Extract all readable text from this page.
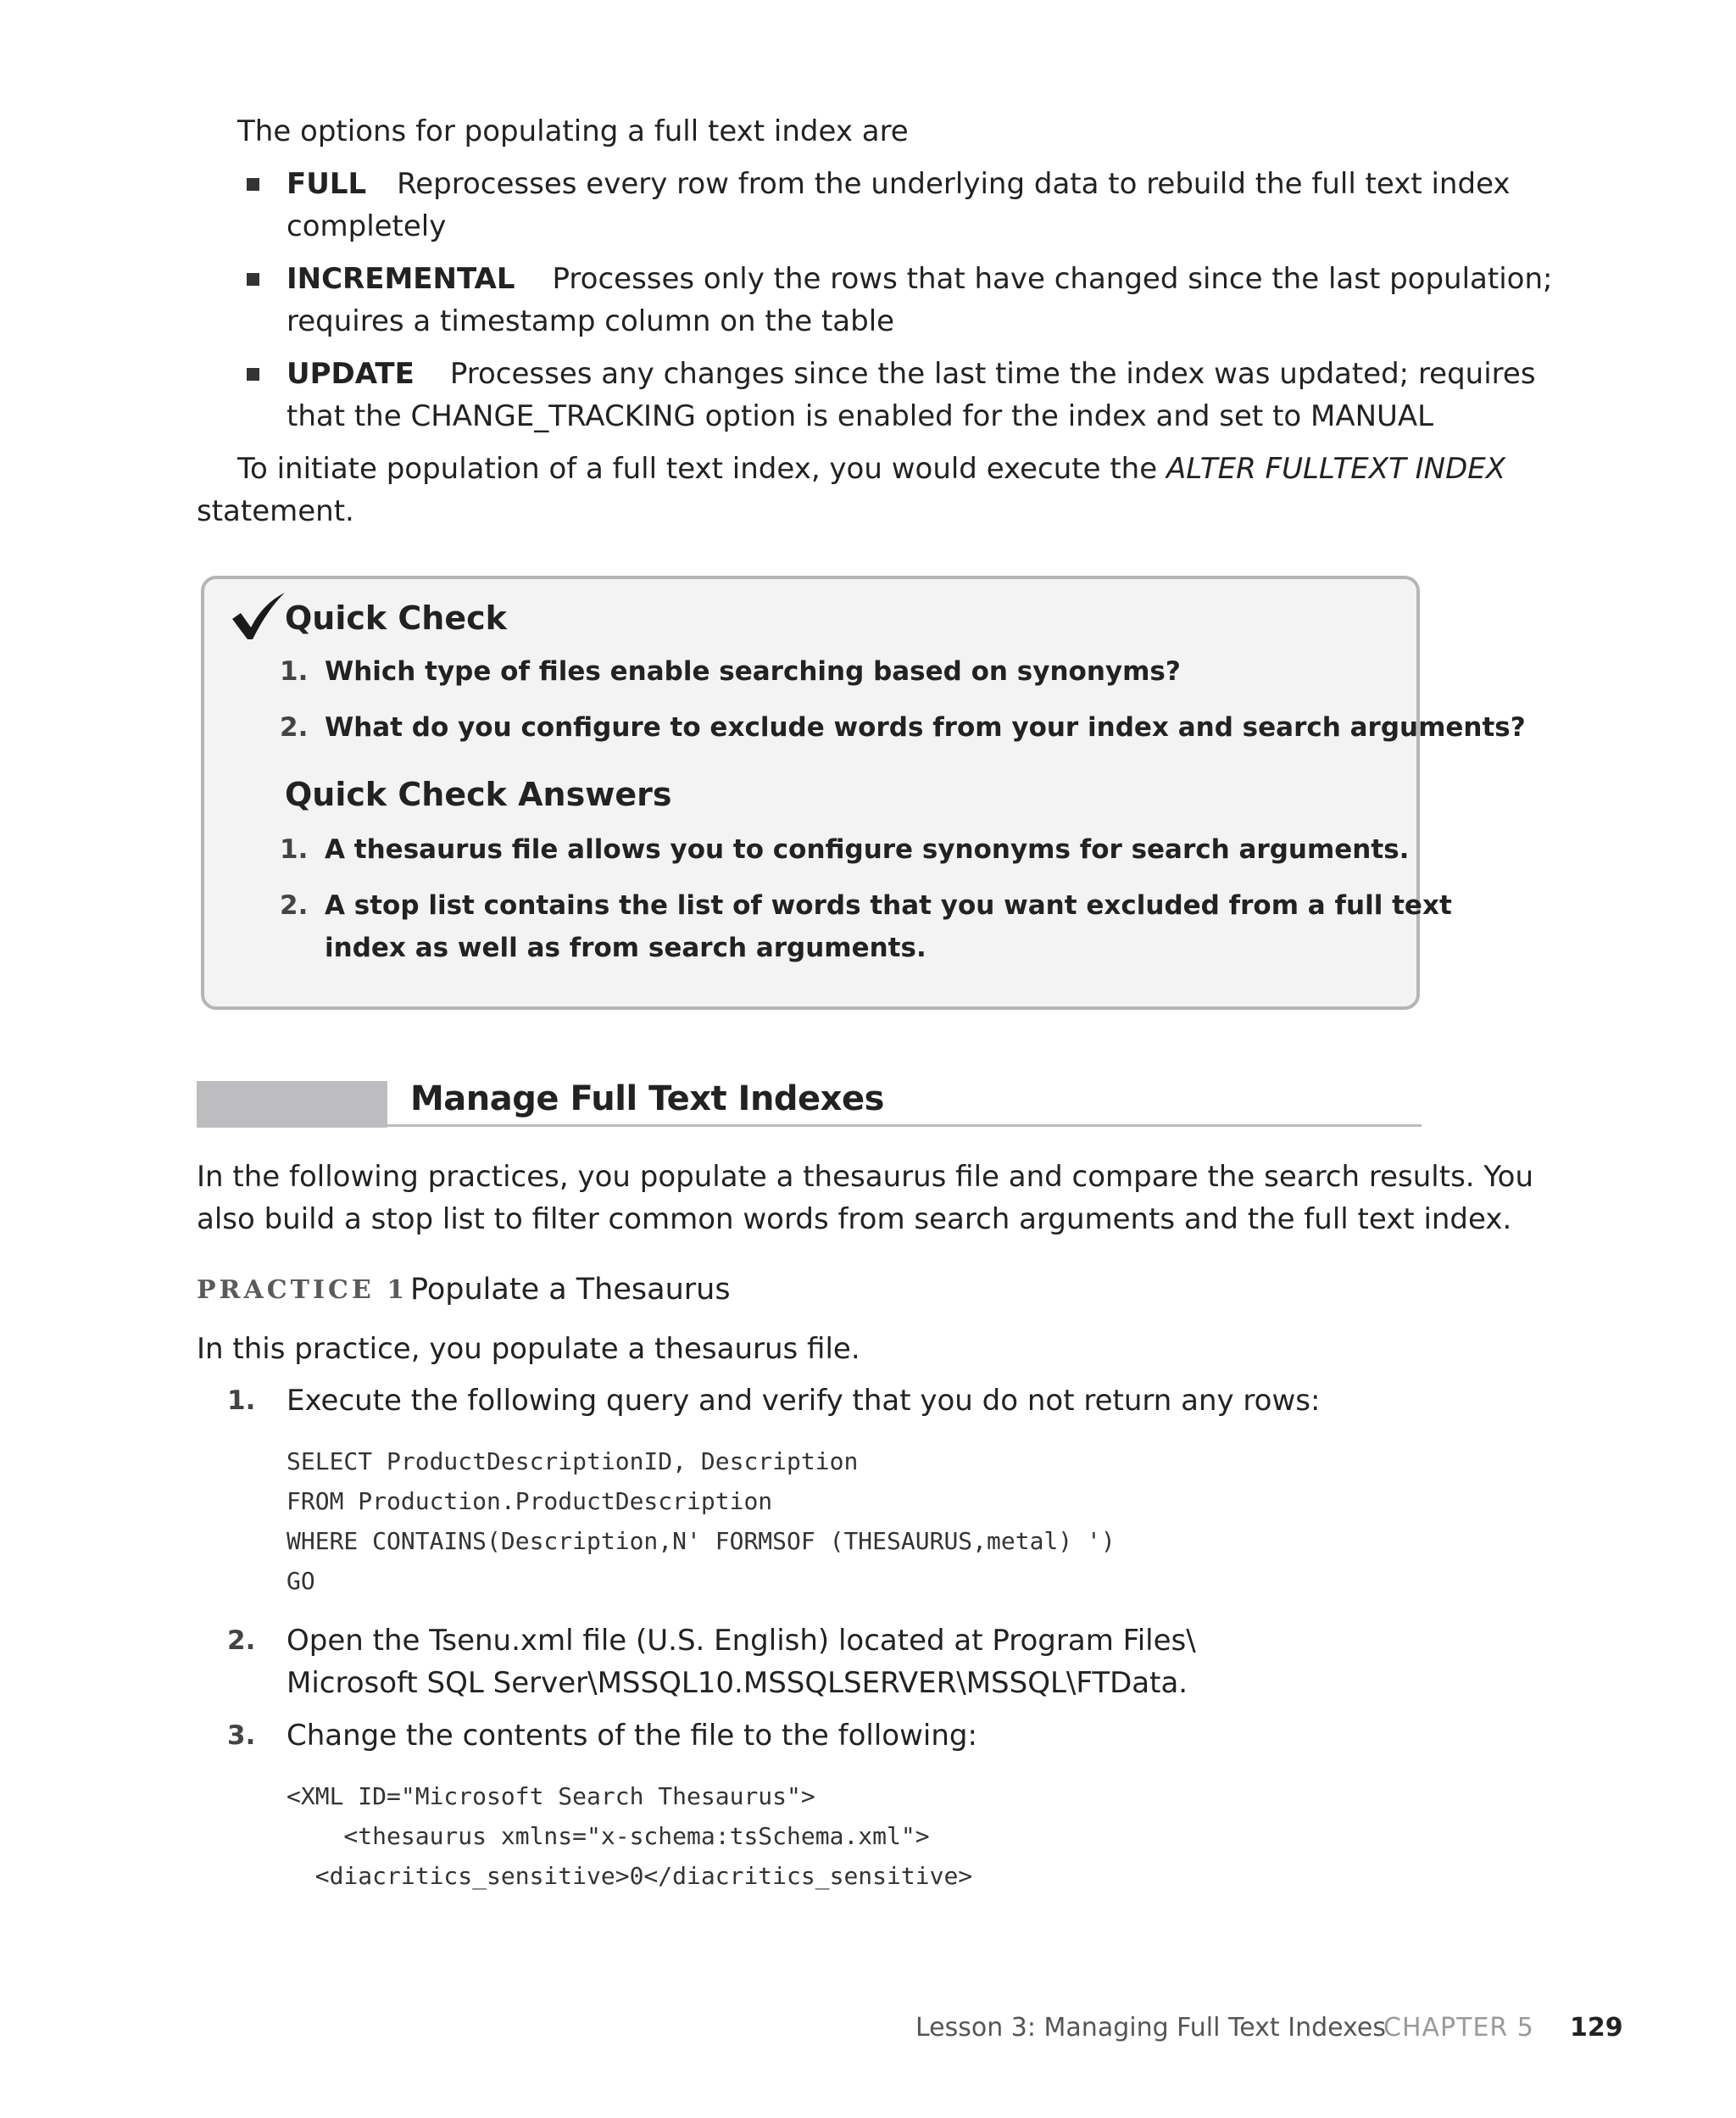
The options for populating a full text index are
FULL Reprocesses every row from the underlying data to rebuild the full text index
completely
INCREMENTAL Processes only the rows that have changed since the last population;
requires a timestamp column on the table
UPDATE Processes any changes since the last time the index was updated; requires
that the CHANGE_TRACKING option is enabled for the index and set to MANUAL
To initiate population of a full text index, you would execute the ALTER FULLTEXT INDEX
statement.
Quick Check
1. Which type of files enable searching based on synonyms?
2. What do you configure to exclude words from your index and search arguments?
Quick Check Answers
1. A thesaurus file allows you to configure synonyms for search arguments.
2. A stop list contains the list of words that you want excluded from a full text
index as well as from search arguments.
Manage Full Text Indexes
In the following practices, you populate a thesaurus file and compare the search results. You
also build a stop list to filter common words from search arguments and the full text index.
PRACTICE 1 Populate a Thesaurus
In this practice, you populate a thesaurus file.
1. Execute the following query and verify that you do not return any rows:
SELECT ProductDescriptionID, Description
FROM Production.ProductDescription
WHERE CONTAINS(Description,N' FORMSOF (THESAURUS,metal) ')
GO
2. Open the Tsenu.xml file (U.S. English) located at Program Files\
Microsoft SQL Server\MSSQL10.MSSQLSERVER\MSSQL\FTData.
3. Change the contents of the file to the following:
<XML ID="Microsoft Search Thesaurus">
<thesaurus xmlns="x-schema:tsSchema.xml">
<diacritics_sensitive>0</diacritics_sensitive>
Lesson 3: Managing Full Text Indexes
CHAPTER 5 129
